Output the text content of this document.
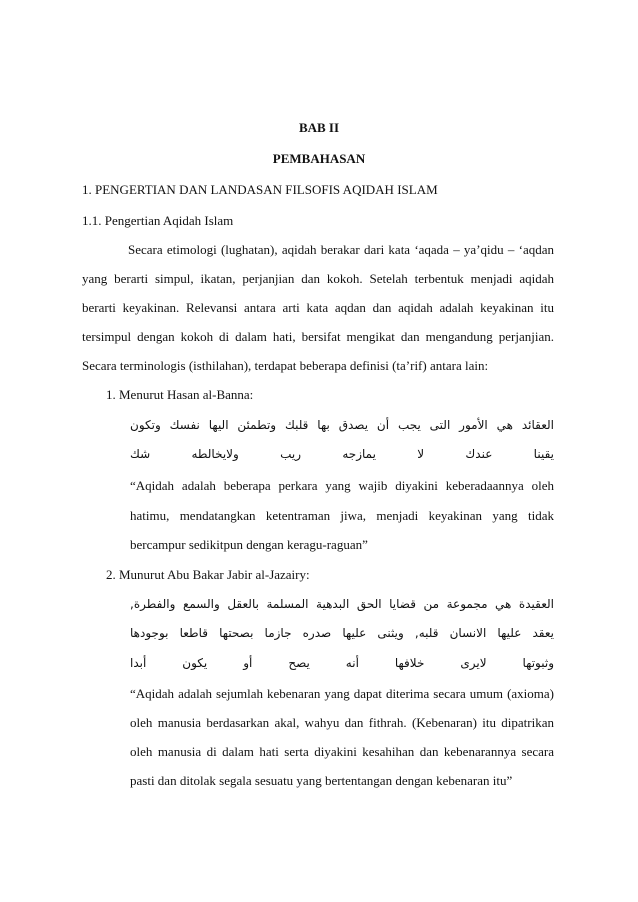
BAB II
PEMBAHASAN
1. PENGERTIAN DAN LANDASAN FILSOFIS AQIDAH ISLAM
1.1. Pengertian Aqidah Islam
Secara etimologi (lughatan), aqidah berakar dari kata ‘aqada – ya’qidu – ‘aqdan
yang berarti simpul, ikatan, perjanjian dan kokoh. Setelah terbentuk menjadi aqidah
berarti keyakinan. Relevansi antara arti kata aqdan dan aqidah adalah keyakinan itu
tersimpul dengan kokoh di dalam hati, bersifat mengikat dan mengandung perjanjian.
Secara terminologis (isthilahan), terdapat beberapa definisi (ta’rif) antara lain:
1. Menurut Hasan al-Banna:
العقائد هي الأمور التى يجب أن يصدق بها قلبك وتطمئن اليها نفسك وتكون
يقينا عندك لا يمازجه ريب ولايخالطه شك
“Aqidah adalah beberapa perkara yang wajib diyakini keberadaannya oleh
hatimu, mendatangkan ketentraman jiwa, menjadi keyakinan yang tidak
bercampur sedikitpun dengan keragu-raguan”
2. Munurut Abu Bakar Jabir al-Jazairy:
العقيدة هي مجموعة من قضايا الحق البدهية المسلمة بالعقل والسمع والفطرة,
يعقد عليها الانسان قلبه, ويثنى عليها صدره جازما بصحتها قاطعا بوجودها
وثبوتها لايرى خلافها أنه يصح أو يكون أبدا
“Aqidah adalah sejumlah kebenaran yang dapat diterima secara umum (axioma)
oleh manusia berdasarkan akal, wahyu dan fithrah. (Kebenaran) itu dipatrikan
oleh manusia di dalam hati serta diyakini kesahihan dan kebenarannya secara
pasti dan ditolak segala sesuatu yang bertentangan dengan kebenaran itu”
